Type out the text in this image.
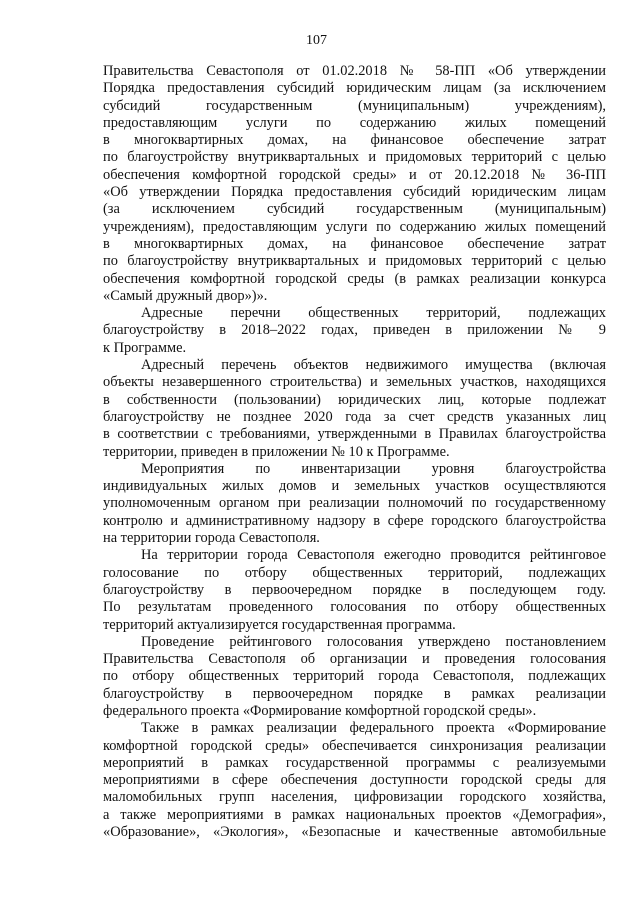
107

Правительства Севастополя от 01.02.2018 № 58-ПП «Об утверждении

Порядка предоставления субсидий юридическим лицам (за исключением

субсидий государственным (муниципальным) учреждениям),

предоставляющим услуги по содержанию жилых помещений

в многоквартирных домах, на финансовое обеспечение затрат

по благоустройству внутриквартальных и придомовых территорий с целью

обеспечения комфортной городской среды» и от 20.12.2018 № 36-ПП

«Об утверждении Порядка предоставления субсидий юридическим лицам

(за исключением субсидий государственным (муниципальным)

учреждениям), предоставляющим услуги по содержанию жилых помещений

в многоквартирных домах, на финансовое обеспечение затрат

по благоустройству внутриквартальных и придомовых территорий с целью

обеспечения комфортной городской среды (в рамках реализации конкурса

«Самый дружный двор»)».

Адресные перечни общественных территорий, подлежащих

благоустройству в 2018–2022 годах, приведен в приложении № 9

к Программе.

Адресный перечень объектов недвижимого имущества (включая

объекты незавершенного строительства) и земельных участков, находящихся

в собственности (пользовании) юридических лиц, которые подлежат

благоустройству не позднее 2020 года за счет средств указанных лиц

в соответствии с требованиями, утвержденными в Правилах благоустройства

территории, приведен в приложении № 10 к Программе.

Мероприятия по инвентаризации уровня благоустройства

индивидуальных жилых домов и земельных участков осуществляются

уполномоченным органом при реализации полномочий по государственному

контролю и административному надзору в сфере городского благоустройства

на территории города Севастополя.

На территории города Севастополя ежегодно проводится рейтинговое

голосование по отбору общественных территорий, подлежащих

благоустройству в первоочередном порядке в последующем году.

По результатам проведенного голосования по отбору общественных

территорий актуализируется государственная программа.

Проведение рейтингового голосования утверждено постановлением

Правительства Севастополя об организации и проведения голосования

по отбору общественных территорий города Севастополя, подлежащих

благоустройству в первоочередном порядке в рамках реализации

федерального проекта «Формирование комфортной городской среды».

Также в рамках реализации федерального проекта «Формирование

комфортной городской среды» обеспечивается синхронизация реализации

мероприятий в рамках государственной программы с реализуемыми

мероприятиями в сфере обеспечения доступности городской среды для

маломобильных групп населения, цифровизации городского хозяйства,

а также мероприятиями в рамках национальных проектов «Демография»,

«Образование», «Экология», «Безопасные и качественные автомобильные
